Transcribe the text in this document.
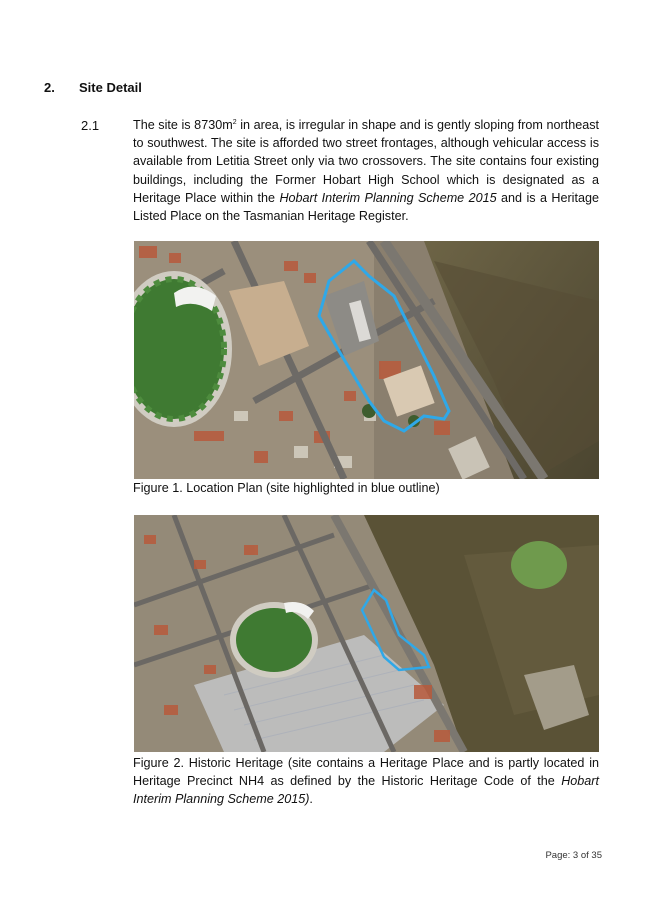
2. Site Detail
2.1	The site is $8730m^2$ in area, is irregular in shape and is gently sloping from northeast to southwest. The site is afforded two street frontages, although vehicular access is available from Letitia Street only via two crossovers. The site contains four existing buildings, including the Former Hobart High School which is designated as a Heritage Place within the Hobart Interim Planning Scheme 2015 and is a Heritage Listed Place on the Tasmanian Heritage Register.
Figure 1. Location Plan (site highlighted in blue outline)
Figure 2. Historic Heritage (site contains a Heritage Place and is partly located in Heritage Precinct NH4 as defined by the Historic Heritage Code of the Hobart Interim Planning Scheme 2015).
Page: 3 of 35
